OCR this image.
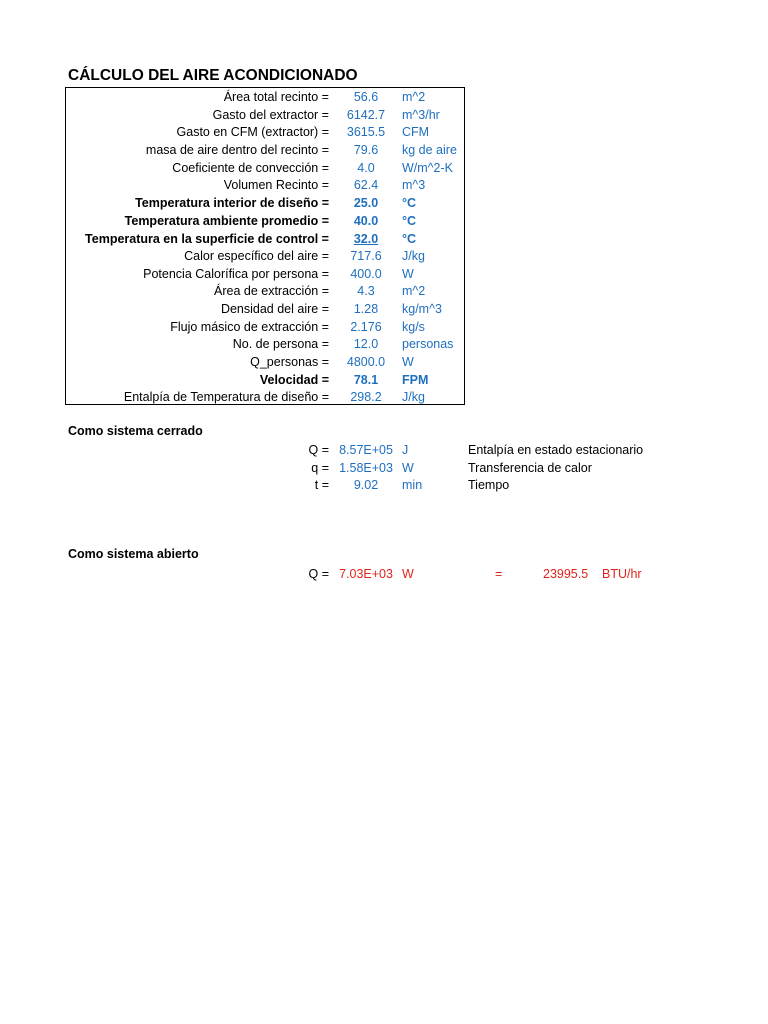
CÁLCULO DEL AIRE ACONDICIONADO
Área total recinto =	56.6	m^2
Gasto del extractor =	6142.7	m^3/hr
Gasto en CFM (extractor) =	3615.5	CFM
masa de aire dentro del recinto =	79.6	kg de aire
Coeficiente de convección =	4.0	W/m^2-K
Volumen Recinto =	62.4	m^3
Temperatura interior de diseño =	25.0	°C
Temperatura ambiente promedio =	40.0	°C
Temperatura en la superficie de control =	32.0	°C
Calor específico del aire =	717.6	J/kg
Potencia Calorífica por persona =	400.0	W
Área de extracción =	4.3	m^2
Densidad del aire =	1.28	kg/m^3
Flujo másico de extracción =	2.176	kg/s
No. de persona =	12.0	personas
Q_personas =	4800.0	W
Velocidad =	78.1	FPM
Entalpía de Temperatura de diseño =	298.2	J/kg
Como sistema cerrado
Q = 8.57E+05 J	Entalpía en estado estacionario
q = 1.58E+03 W	Transferencia de calor
t =	9.02	min	Tiempo
Como sistema abierto
Q = 7.03E+03 W	=	23995.5 BTU/hr
